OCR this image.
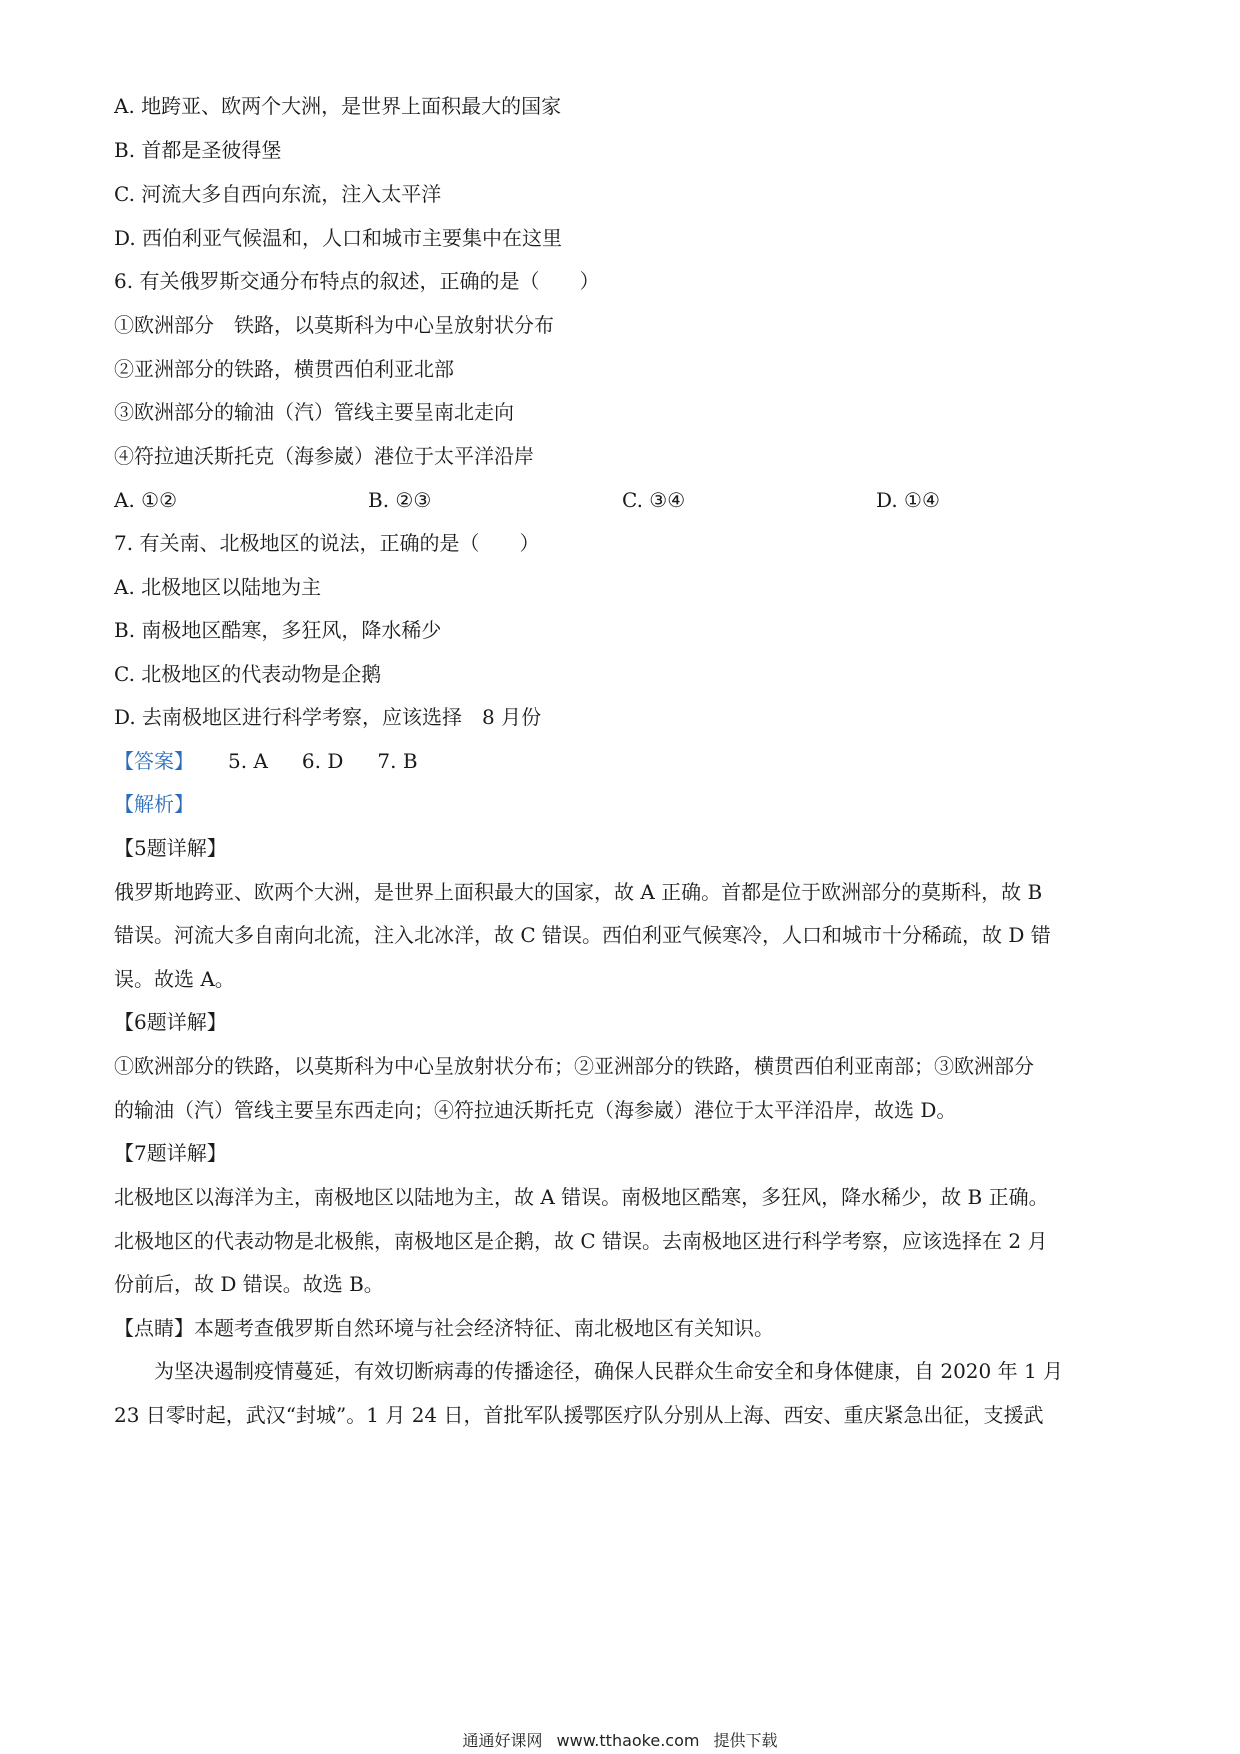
A. 地跨亚、欧两个大洲，是世界上面积最大的国家
B. 首都是圣彼得堡
C. 河流大多自西向东流，注入太平洋
D. 西伯利亚气候温和，人口和城市主要集中在这里
6. 有关俄罗斯交通分布特点的叙述，正确的是（　　）
①欧洲部分　铁路，以莫斯科为中心呈放射状分布
②亚洲部分的铁路，横贯西伯利亚北部
③欧洲部分的输油（汽）管线主要呈南北走向
④符拉迪沃斯托克（海参崴）港位于太平洋沿岸
A. ①②	B. ②③	C. ③④	D. ①④
7. 有关南、北极地区的说法，正确的是（　　）
A. 北极地区以陆地为主
B. 南极地区酷寒，多狂风，降水稀少
C. 北极地区的代表动物是企鹅
D. 去南极地区进行科学考察，应该选择　8 月份
【答案】 5. A 6. D 7. B
【解析】
【5题详解】
俄罗斯地跨亚、欧两个大洲，是世界上面积最大的国家，故 A 正确。首都是位于欧洲部分的莫斯科，故 B
错误。河流大多自南向北流，注入北冰洋，故 C 错误。西伯利亚气候寒冷，人口和城市十分稀疏，故 D 错
误。故选 A。
【6题详解】
①欧洲部分的铁路，以莫斯科为中心呈放射状分布；②亚洲部分的铁路，横贯西伯利亚南部；③欧洲部分
的输油（汽）管线主要呈东西走向；④符拉迪沃斯托克（海参崴）港位于太平洋沿岸，故选 D。
【7题详解】
北极地区以海洋为主，南极地区以陆地为主，故 A 错误。南极地区酷寒，多狂风，降水稀少，故 B 正确。
北极地区的代表动物是北极熊，南极地区是企鹅，故 C 错误。去南极地区进行科学考察，应该选择在 2 月
份前后，故 D 错误。故选 B。
【点睛】本题考查俄罗斯自然环境与社会经济特征、南北极地区有关知识。
为坚决遏制疫情蔓延，有效切断病毒的传播途径，确保人民群众生命安全和身体健康，自 2020 年 1 月
23 日零时起，武汉“封城”。1 月 24 日，首批军队援鄂医疗队分别从上海、西安、重庆紧急出征，支援武
通通好课网 www.tthaoke.com 提供下载
